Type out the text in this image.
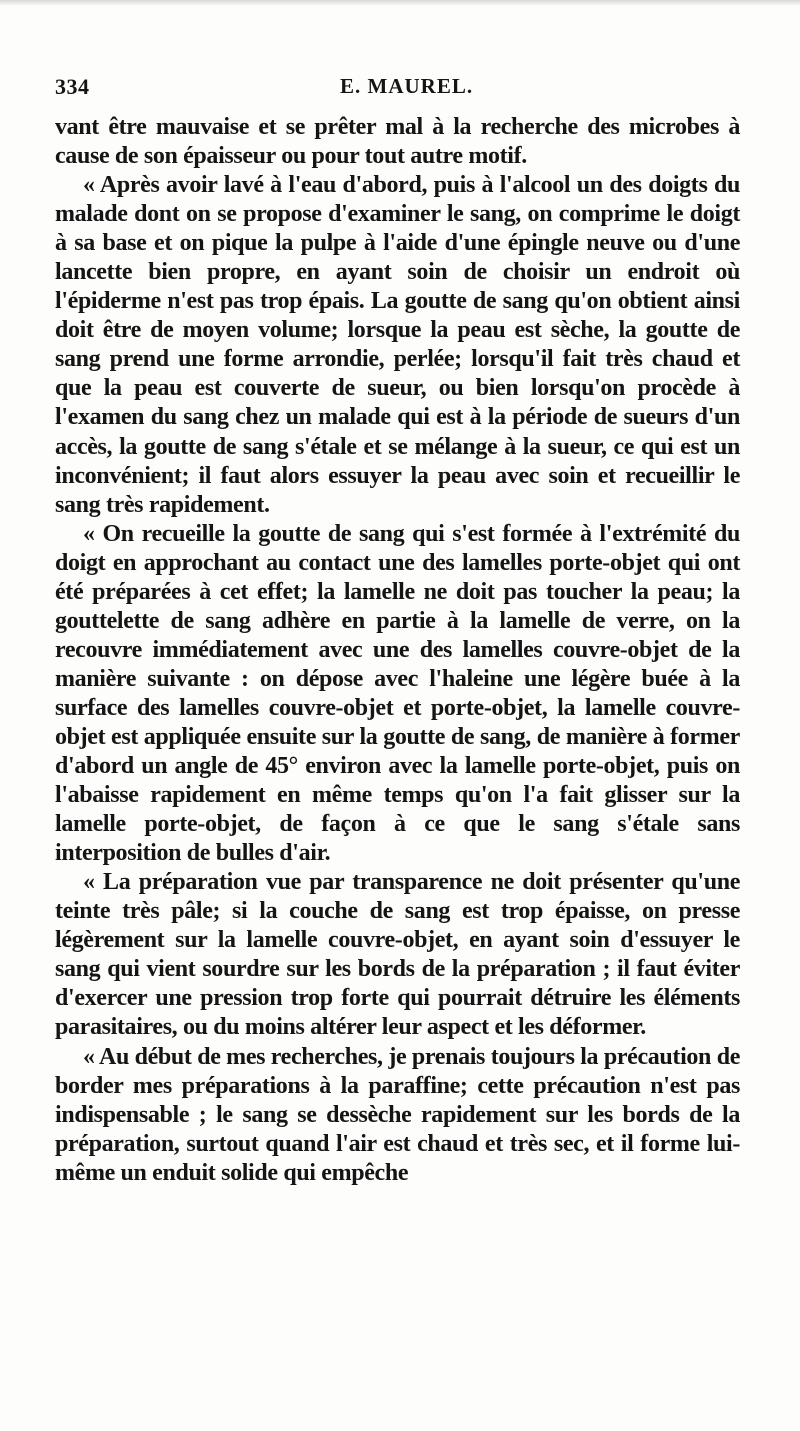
334	E. MAUREL.

vant être mauvaise et se prêter mal à la recherche des microbes à cause de son épaisseur ou pour tout autre motif.

« Après avoir lavé à l'eau d'abord, puis à l'alcool un des doigts du malade dont on se propose d'examiner le sang, on comprime le doigt à sa base et on pique la pulpe à l'aide d'une épingle neuve ou d'une lancette bien propre, en ayant soin de choisir un endroit où l'épiderme n'est pas trop épais. La goutte de sang qu'on obtient ainsi doit être de moyen volume; lorsque la peau est sèche, la goutte de sang prend une forme arrondie, perlée; lorsqu'il fait très chaud et que la peau est couverte de sueur, ou bien lorsqu'on procède à l'examen du sang chez un malade qui est à la période de sueurs d'un accès, la goutte de sang s'étale et se mélange à la sueur, ce qui est un inconvénient; il faut alors essuyer la peau avec soin et recueillir le sang très rapidement.

« On recueille la goutte de sang qui s'est formée à l'extrémité du doigt en approchant au contact une des lamelles porte-objet qui ont été préparées à cet effet; la lamelle ne doit pas toucher la peau; la gouttelette de sang adhère en partie à la lamelle de verre, on la recouvre immédiatement avec une des lamelles couvre-objet de la manière suivante : on dépose avec l'haleine une légère buée à la surface des lamelles couvre-objet et porte-objet, la lamelle couvre-objet est appliquée ensuite sur la goutte de sang, de manière à former d'abord un angle de 45° environ avec la lamelle porte-objet, puis on l'abaisse rapidement en même temps qu'on l'a fait glisser sur la lamelle porte-objet, de façon à ce que le sang s'étale sans interposition de bulles d'air.

« La préparation vue par transparence ne doit présenter qu'une teinte très pâle; si la couche de sang est trop épaisse, on presse légèrement sur la lamelle couvre-objet, en ayant soin d'essuyer le sang qui vient sourdre sur les bords de la préparation ; il faut éviter d'exercer une pression trop forte qui pourrait détruire les éléments parasitaires, ou du moins altérer leur aspect et les déformer.

« Au début de mes recherches, je prenais toujours la précaution de border mes préparations à la paraffine; cette précaution n'est pas indispensable ; le sang se dessèche rapidement sur les bords de la préparation, surtout quand l'air est chaud et très sec, et il forme lui-même un enduit solide qui empêche
